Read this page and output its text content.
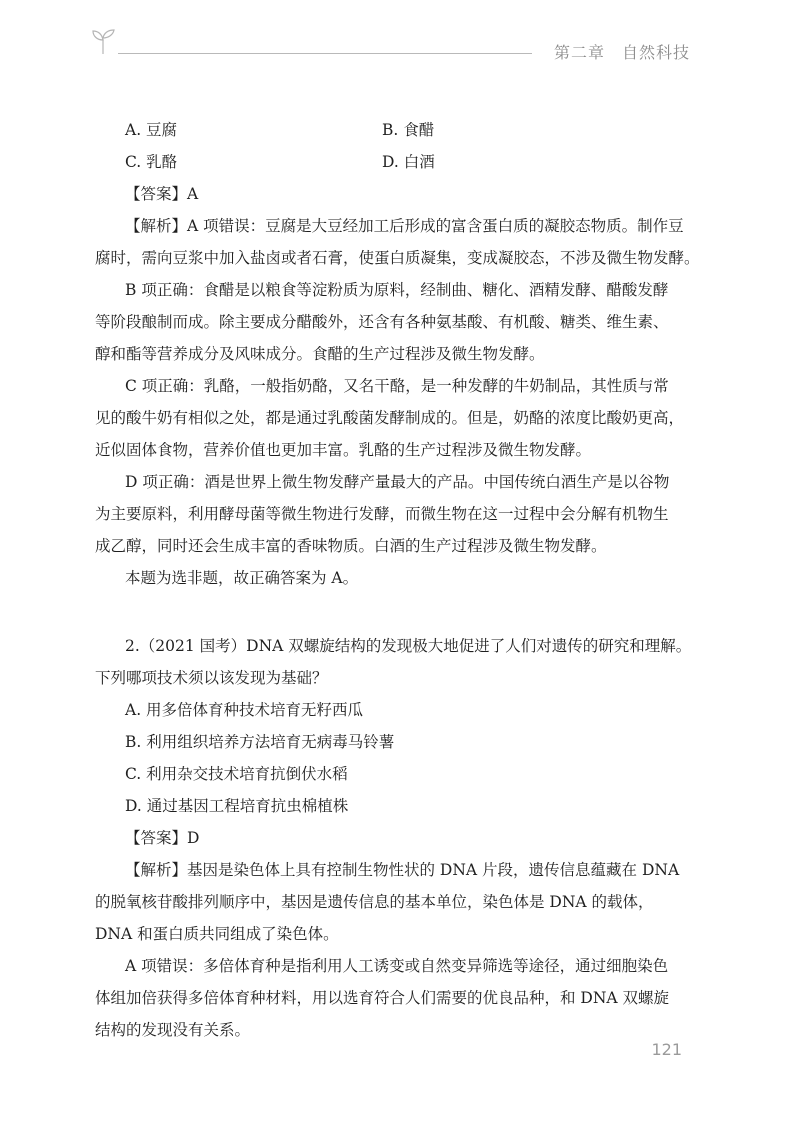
第二章　自然科技
A. 豆腐	B. 食醋
C. 乳酪	D. 白酒
【答案】A
【解析】A 项错误：豆腐是大豆经加工后形成的富含蛋白质的凝胶态物质。制作豆
腐时，需向豆浆中加入盐卤或者石膏，使蛋白质凝集，变成凝胶态，不涉及微生物发酵。
B 项正确：食醋是以粮食等淀粉质为原料，经制曲、糖化、酒精发酵、醋酸发酵
等阶段酿制而成。除主要成分醋酸外，还含有各种氨基酸、有机酸、糖类、维生素、
醇和酯等营养成分及风味成分。食醋的生产过程涉及微生物发酵。
C 项正确：乳酪，一般指奶酪，又名干酪，是一种发酵的牛奶制品，其性质与常
见的酸牛奶有相似之处，都是通过乳酸菌发酵制成的。但是，奶酪的浓度比酸奶更高，
近似固体食物，营养价值也更加丰富。乳酪的生产过程涉及微生物发酵。
D 项正确：酒是世界上微生物发酵产量最大的产品。中国传统白酒生产是以谷物
为主要原料，利用酵母菌等微生物进行发酵，而微生物在这一过程中会分解有机物生
成乙醇，同时还会生成丰富的香味物质。白酒的生产过程涉及微生物发酵。
本题为选非题，故正确答案为 A。
2.（2021 国考）DNA 双螺旋结构的发现极大地促进了人们对遗传的研究和理解。
下列哪项技术须以该发现为基础？
A. 用多倍体育种技术培育无籽西瓜
B. 利用组织培养方法培育无病毒马铃薯
C. 利用杂交技术培育抗倒伏水稻
D. 通过基因工程培育抗虫棉植株
【答案】D
【解析】基因是染色体上具有控制生物性状的 DNA 片段，遗传信息蕴藏在 DNA
的脱氧核苷酸排列顺序中，基因是遗传信息的基本单位，染色体是 DNA 的载体，
DNA 和蛋白质共同组成了染色体。
A 项错误：多倍体育种是指利用人工诱变或自然变异筛选等途径，通过细胞染色
体组加倍获得多倍体育种材料，用以选育符合人们需要的优良品种，和 DNA 双螺旋
结构的发现没有关系。
121
